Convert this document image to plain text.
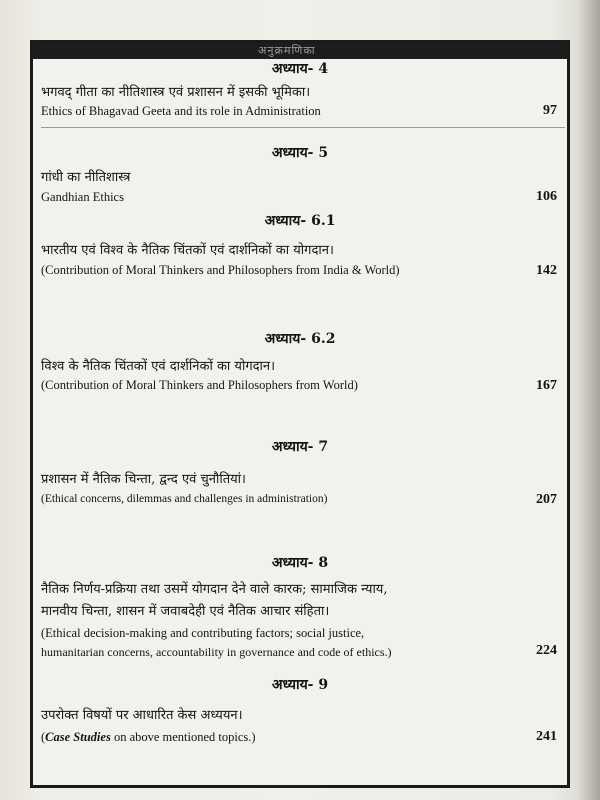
अनुक्रमणिका
अध्याय- 4
भगवद् गीता का नीतिशास्त्र एवं प्रशासन में इसकी भूमिका।
Ethics of Bhagavad Geeta and its role in Administration	97
अध्याय- 5
गांधी का नीतिशास्त्र
Gandhian Ethics	106
अध्याय- 6.1
भारतीय एवं विश्व के नैतिक चिंतकों एवं दार्शनिकों का योगदान।
(Contribution of Moral Thinkers and Philosophers from India & World)	142
अध्याय- 6.2
विश्व के नैतिक चिंतकों एवं दार्शनिकों का योगदान।
(Contribution of Moral Thinkers and Philosophers from World)	167
अध्याय- 7
प्रशासन में नैतिक चिन्ता, द्वन्द एवं चुनौतियां।
(Ethical concerns, dilemmas and challenges in administration)	207
अध्याय- 8
नैतिक निर्णय-प्रक्रिया तथा उसमें योगदान देने वाले कारक; सामाजिक न्याय,
मानवीय चिन्ता, शासन में जवाबदेही एवं नैतिक आचार संहिता।
(Ethical decision-making and contributing factors; social justice,
humanitarian concerns, accountability in governance and code of ethics.)	224
अध्याय- 9
उपरोक्त विषयों पर आधारित केस अध्ययन।
(Case Studies on above mentioned topics.)	241
